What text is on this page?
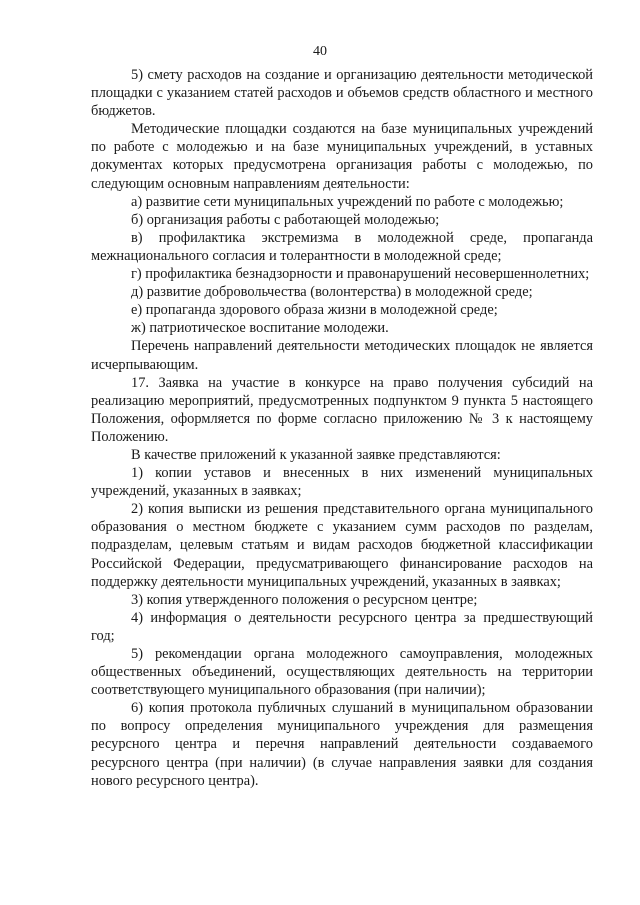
40

5) смету расходов на создание и организацию деятельности методической площадки с указанием статей расходов и объемов средств областного и местного бюджетов.

Методические площадки создаются на базе муниципальных учреждений по работе с молодежью и на базе муниципальных учреждений, в уставных документах которых предусмотрена организация работы с молодежью, по следующим основным направлениям деятельности:

а) развитие сети муниципальных учреждений по работе с молодежью;

б) организация работы с работающей молодежью;

в) профилактика экстремизма в молодежной среде, пропаганда межнационального согласия и толерантности в молодежной среде;

г) профилактика безнадзорности и правонарушений несовершеннолетних;

д) развитие добровольчества (волонтерства) в молодежной среде;

е) пропаганда здорового образа жизни в молодежной среде;

ж) патриотическое воспитание молодежи.

Перечень направлений деятельности методических площадок не является исчерпывающим.

17. Заявка на участие в конкурсе на право получения субсидий на реализацию мероприятий, предусмотренных подпунктом 9 пункта 5 настоящего Положения, оформляется по форме согласно приложению № 3 к настоящему Положению.

В качестве приложений к указанной заявке представляются:

1) копии уставов и внесенных в них изменений муниципальных учреждений, указанных в заявках;

2) копия выписки из решения представительного органа муниципального образования о местном бюджете с указанием сумм расходов по разделам, подразделам, целевым статьям и видам расходов бюджетной классификации Российской Федерации, предусматривающего финансирование расходов на поддержку деятельности муниципальных учреждений, указанных в заявках;

3) копия утвержденного положения о ресурсном центре;

4) информация о деятельности ресурсного центра за предшествующий год;

5) рекомендации органа молодежного самоуправления, молодежных общественных объединений, осуществляющих деятельность на территории соответствующего муниципального образования (при наличии);

6) копия протокола публичных слушаний в муниципальном образовании по вопросу определения муниципального учреждения для размещения ресурсного центра и перечня направлений деятельности создаваемого ресурсного центра (при наличии) (в случае направления заявки для создания нового ресурсного центра).
